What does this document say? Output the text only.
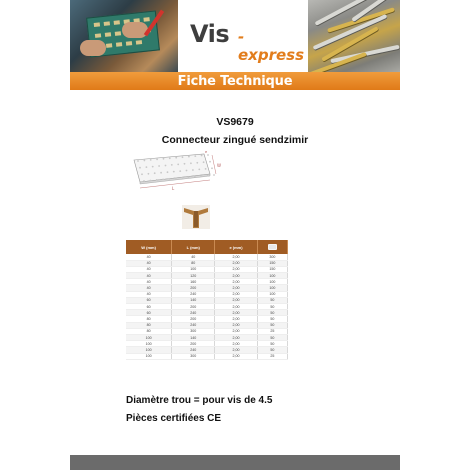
Vis -express
Fiche Technique
VS9679
Connecteur zingué sendzimir
W
L
e
W (mm)	L (mm)	e (mm)	
40	40	2,00	300
40	80	2,00	150
40	100	2,00	150
40	120	2,00	100
40	160	2,00	100
40	200	2,00	100
40	240	2,00	100
60	140	2,00	50
60	200	2,00	50
60	240	2,00	50
80	200	2,00	50
80	240	2,00	50
80	300	2,00	25
100	140	2,00	50
100	200	2,00	50
100	240	2,00	50
100	300	2,00	25
Diamètre trou = pour vis de 4.5
Pièces certifiées CE
